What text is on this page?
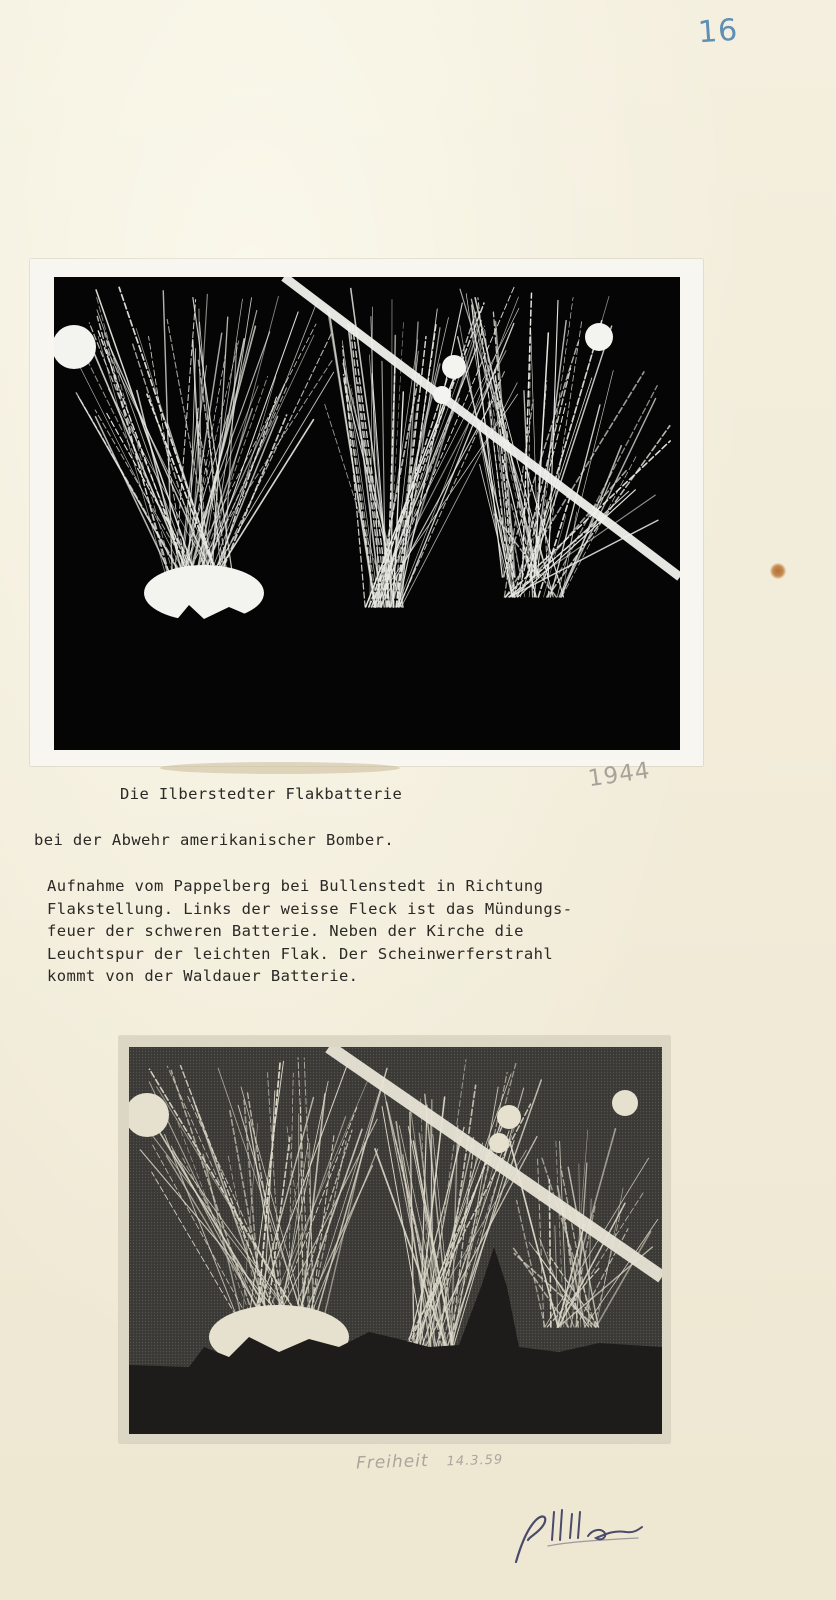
16
Die Ilberstedter Flakbatterie
1944
bei der Abwehr amerikanischer Bomber.
Aufnahme vom Pappelberg bei Bullenstedt in Richtung
Flakstellung. Links der weisse Fleck ist das Mündungs-
feuer der schweren Batterie. Neben der Kirche die
Leuchtspur der leichten Flak. Der Scheinwerferstrahl
kommt von der Waldauer Batterie.
Freiheit 14.3.59
